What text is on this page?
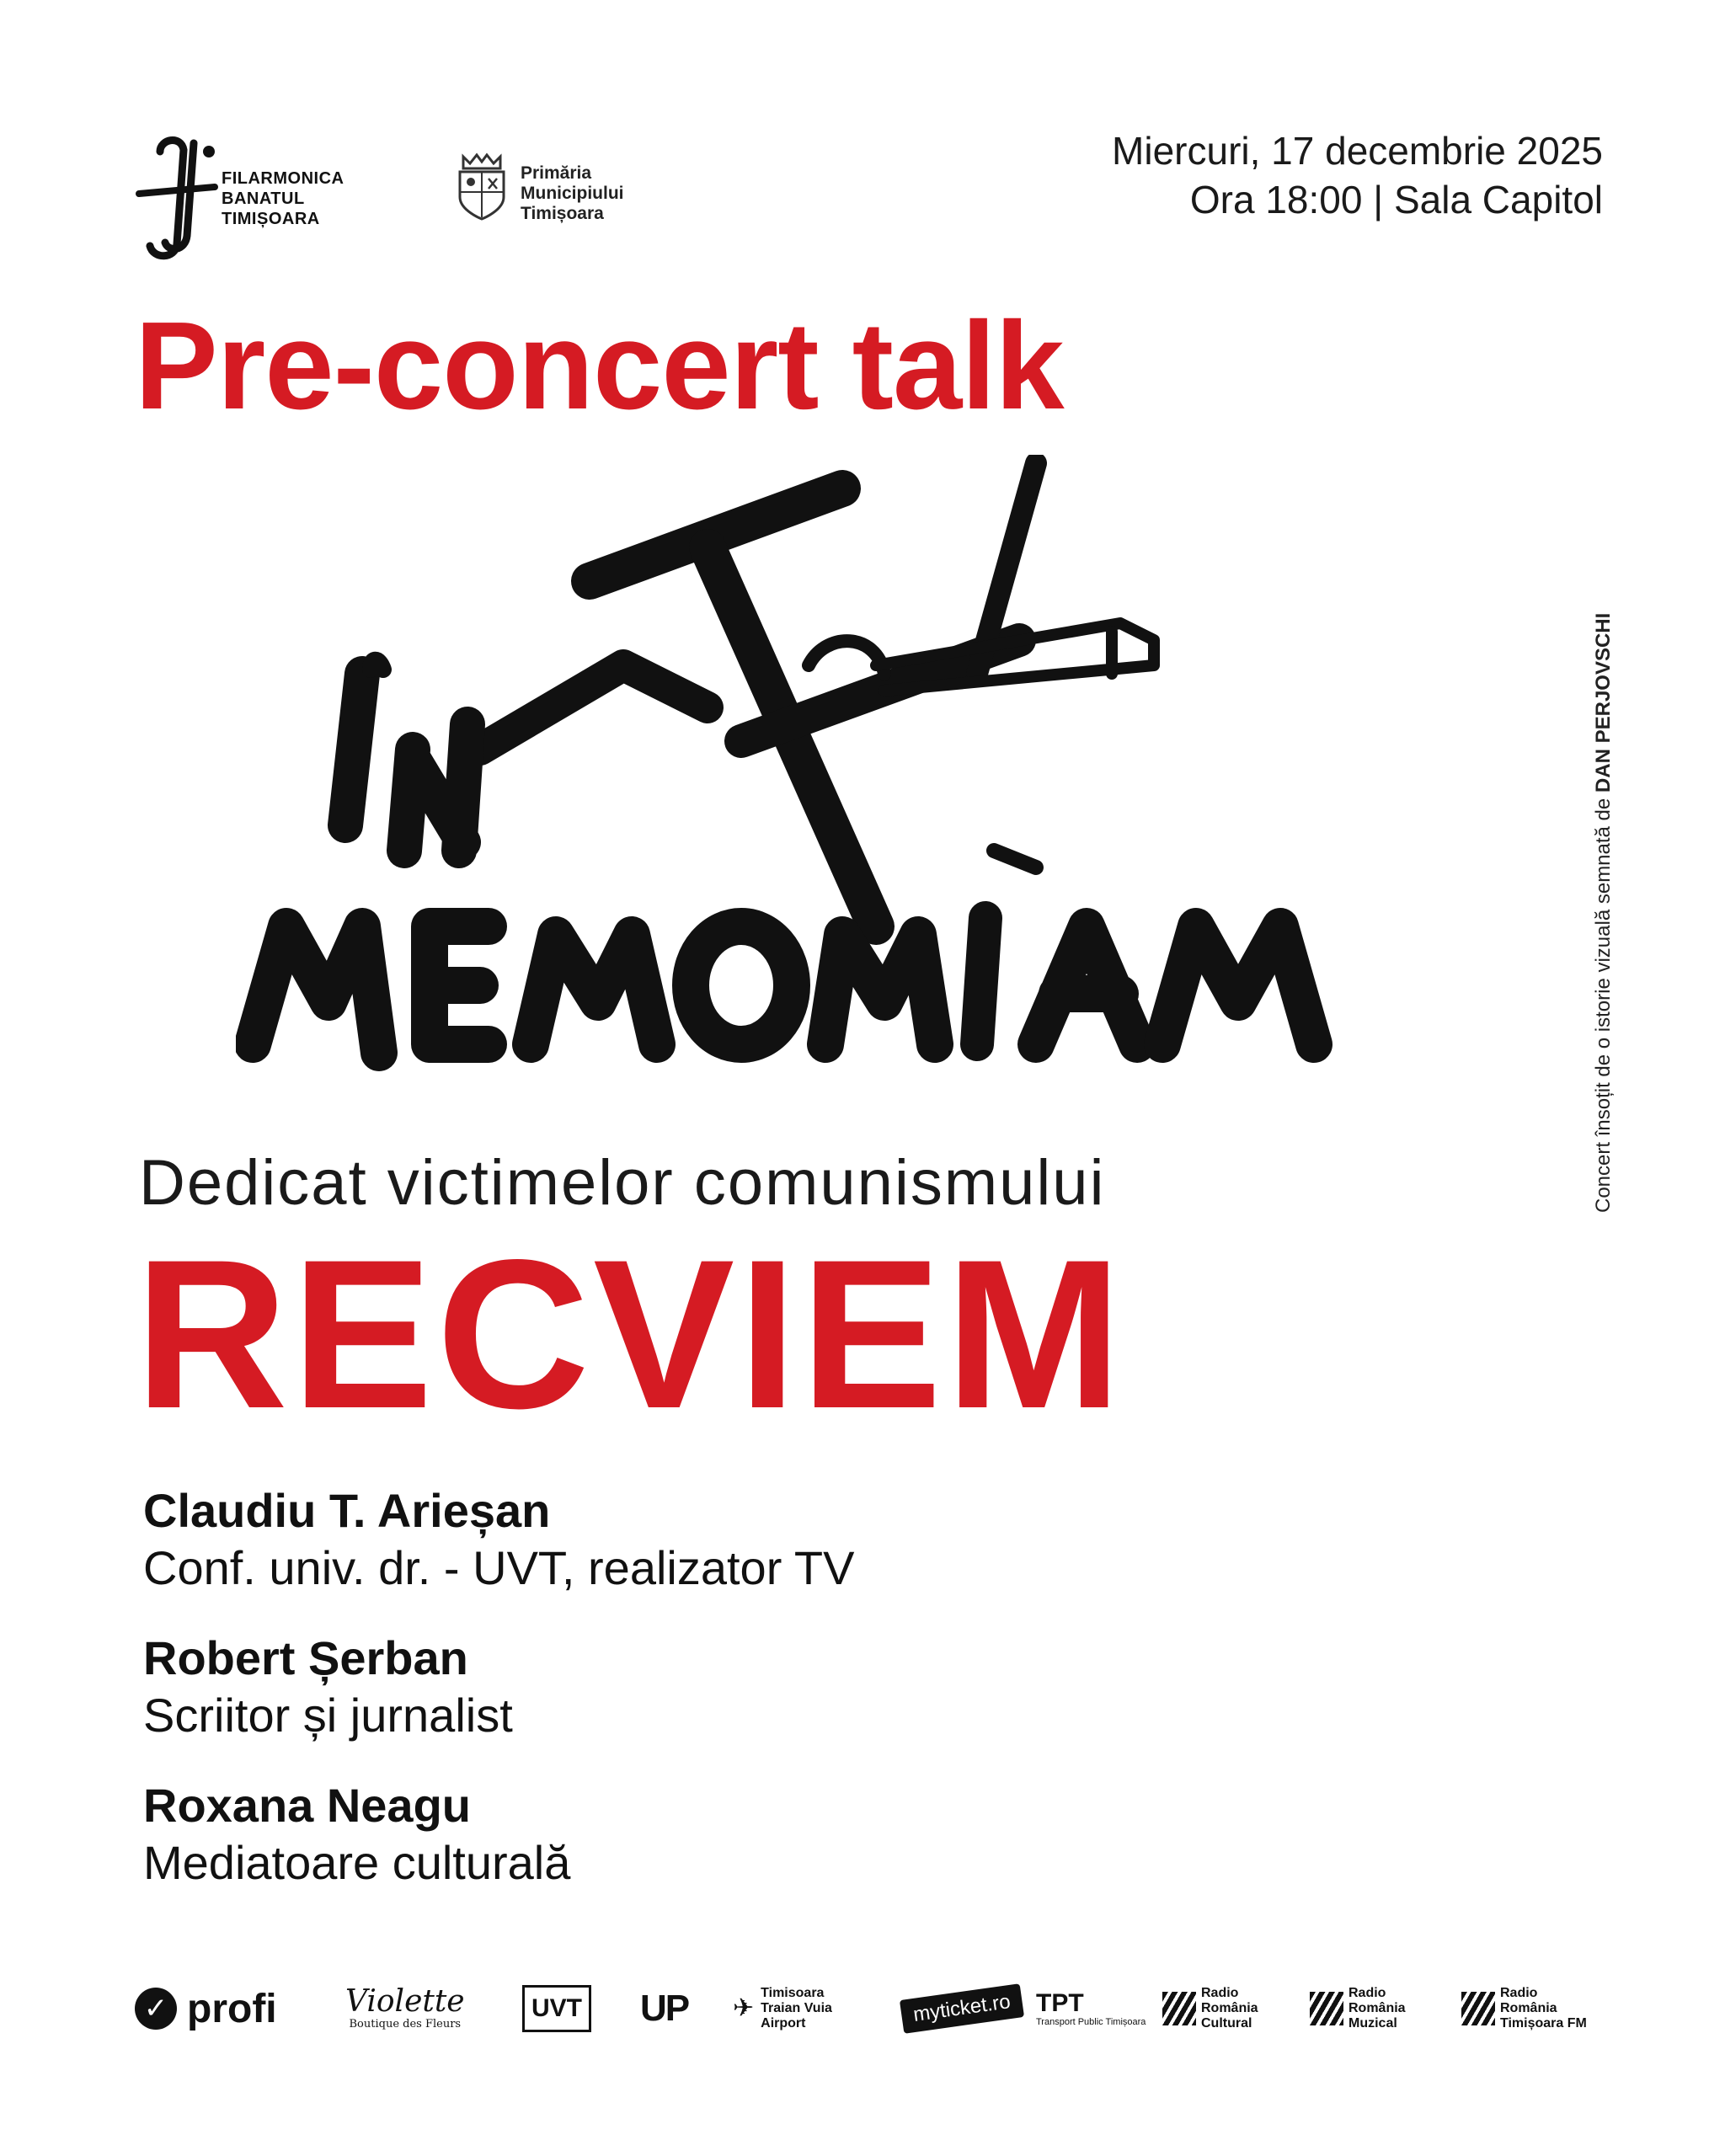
FILARMONICA
BANATUL
TIMIȘOARA
Primăria
Municipiului
Timișoara
Miercuri, 17 decembrie 2025
Ora 18:00 | Sala Capitol
Pre-concert talk
Concert însoțit de o istorie vizuală semnată de DAN PERJOVSCHI
Dedicat victimelor comunismului
RECVIEM
Claudiu T. Arieșan
Conf. univ. dr. - UVT, realizator TV
Robert Șerban
Scriitor și jurnalist
Roxana Neagu
Mediatoare culturală
✓ profi Violette
Boutique des Fleurs
UVT UP ✈
Timisoara
Traian Vuia
Airport	myticket.ro TPT
Transport Public Timișoara
Radio
România
Cultural
Radio
România
Muzical
Radio
România
Timișoara FM
